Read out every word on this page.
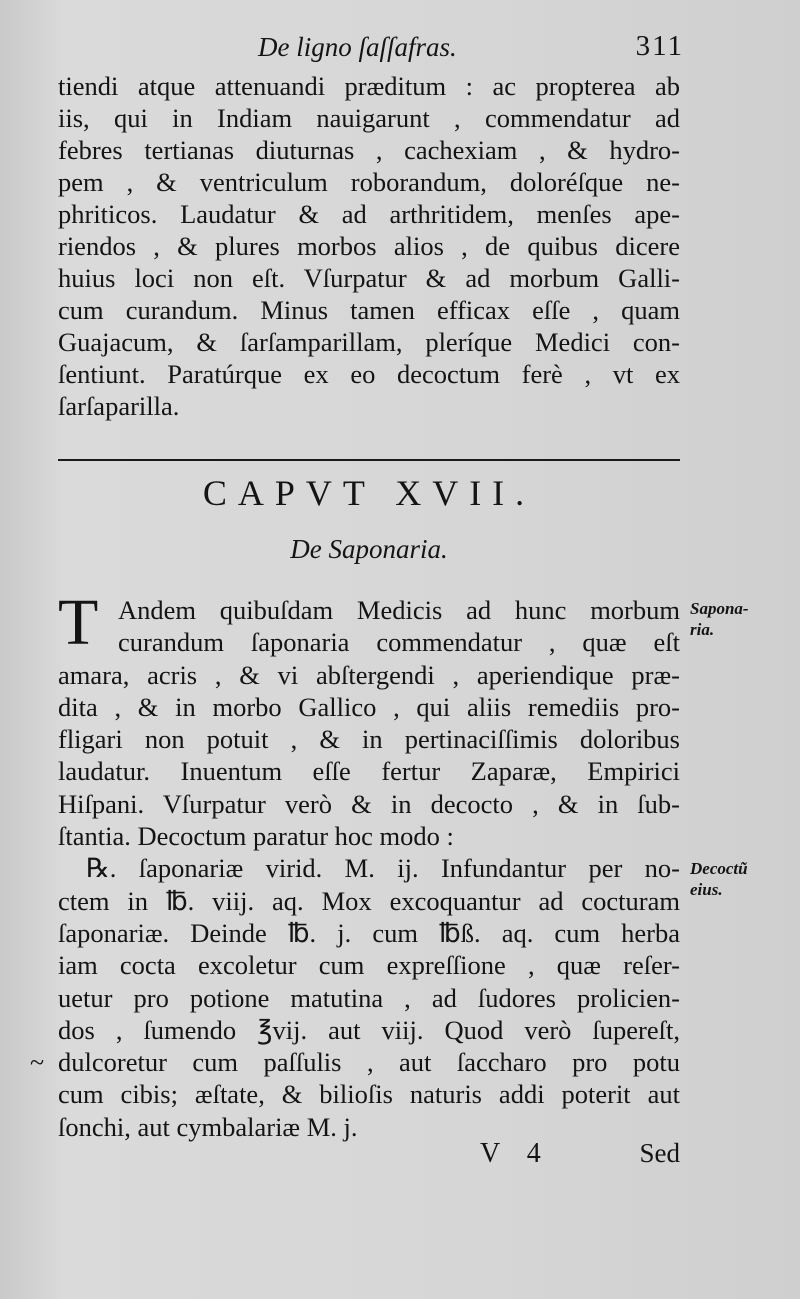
De ligno ſaſſafras.	311
tiendi atque attenuandi præditum : ac propterea ab
iis, qui in Indiam nauigarunt , commendatur ad
febres tertianas diuturnas , cachexiam , & hydro-
pem , & ventriculum roborandum, doloréſque ne-
phriticos. Laudatur & ad arthritidem, menſes ape-
riendos , & plures morbos alios , de quibus dicere
huius loci non eſt. Vſurpatur & ad morbum Galli-
cum curandum. Minus tamen efficax eſſe , quam
Guajacum, & ſarſamparillam, pleríque Medici con-
ſentiunt. Paratúrque ex eo decoctum ferè , vt ex
ſarſaparilla.
CAPVT XVII.
De Saponaria.
T Andem quibuſdam Medicis ad hunc morbum
curandum ſaponaria commendatur , quæ eſt
amara, acris , & vi abſtergendi , aperiendique præ-
dita , & in morbo Gallico , qui aliis remediis pro-
fligari non potuit , & in pertinaciſſimis doloribus
laudatur. Inuentum eſſe fertur Zaparæ, Empirici
Hiſpani. Vſurpatur verò & in decocto , & in ſub-
ſtantia. Decoctum paratur hoc modo :
℞. ſaponariæ virid. M. ij. Infundantur per no-
ctem in ℔. viij. aq. Mox excoquantur ad cocturam
ſaponariæ. Deinde ℔. j. cum ℔ß. aq. cum herba
iam cocta excoletur cum expreſſione , quæ reſer-
uetur pro potione matutina , ad ſudores prolicien-
dos , ſumendo ℥vij. aut viij. Quod verò ſupereſt,
dulcoretur cum paſſulis , aut ſaccharo pro potu
cum cibis; æſtate, & bilioſis naturis addi poterit aut
ſonchi, aut cymbalariæ M. j.
Sapona-
ria.
Decoctũ
eius.
~
V 4	Sed
